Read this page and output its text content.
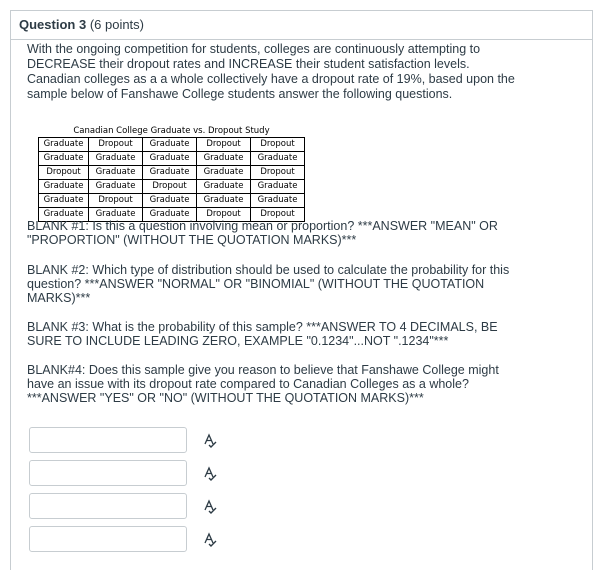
Question 3 (6 points)
With the ongoing competition for students, colleges are continuously attempting to DECREASE their dropout rates and INCREASE their student satisfaction levels. Canadian colleges as a a whole collectively have a dropout rate of 19%, based upon the sample below of Fanshawe College students answer the following questions.
Canadian College Graduate vs. Dropout Study
Graduate	Dropout	Graduate	Dropout	Dropout
Graduate	Graduate	Graduate	Graduate	Graduate
Dropout	Graduate	Graduate	Graduate	Dropout
Graduate	Graduate	Dropout	Graduate	Graduate
Graduate	Dropout	Graduate	Graduate	Graduate
Graduate	Graduate	Graduate	Dropout	Dropout
BLANK #1: Is this a question involving mean or proportion? ***ANSWER "MEAN" OR "PROPORTION" (WITHOUT THE QUOTATION MARKS)***
BLANK #2: Which type of distribution should be used to calculate the probability for this question? ***ANSWER "NORMAL" OR "BINOMIAL" (WITHOUT THE QUOTATION MARKS)***
BLANK #3: What is the probability of this sample? ***ANSWER TO 4 DECIMALS, BE SURE TO INCLUDE LEADING ZERO, EXAMPLE "0.1234"...NOT ".1234"***
BLANK#4: Does this sample give you reason to believe that Fanshawe College might have an issue with its dropout rate compared to Canadian Colleges as a whole? ***ANSWER "YES" OR "NO" (WITHOUT THE QUOTATION MARKS)***
